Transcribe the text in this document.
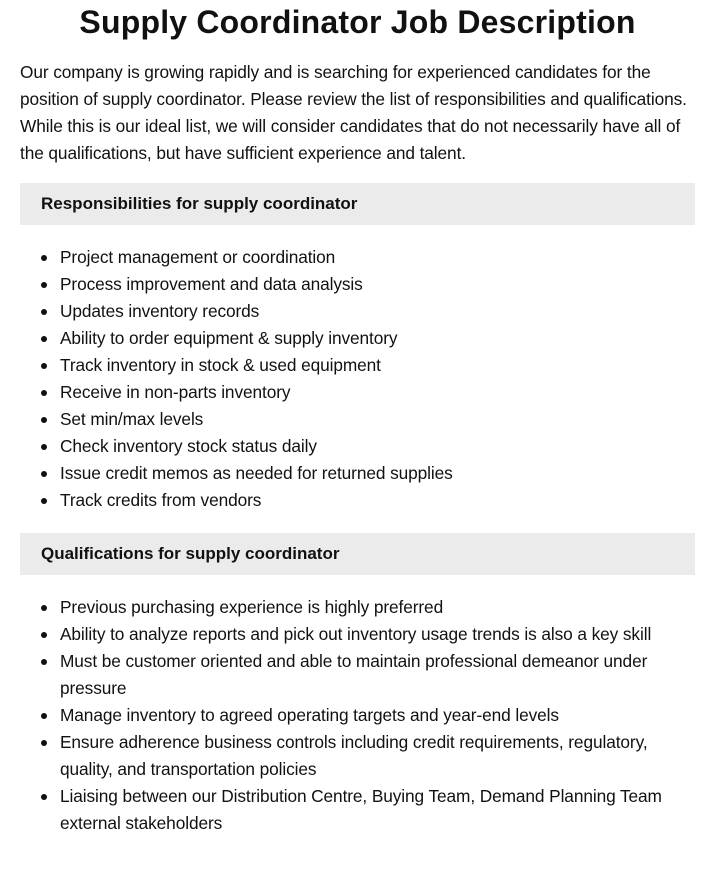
Supply Coordinator Job Description

Our company is growing rapidly and is searching for experienced candidates for the position of supply coordinator. Please review the list of responsibilities and qualifications. While this is our ideal list, we will consider candidates that do not necessarily have all of the qualifications, but have sufficient experience and talent.

Responsibilities for supply coordinator
Project management or coordination
Process improvement and data analysis
Updates inventory records
Ability to order equipment & supply inventory
Track inventory in stock & used equipment
Receive in non-parts inventory
Set min/max levels
Check inventory stock status daily
Issue credit memos as needed for returned supplies
Track credits from vendors
Qualifications for supply coordinator
Previous purchasing experience is highly preferred
Ability to analyze reports and pick out inventory usage trends is also a key skill
Must be customer oriented and able to maintain professional demeanor under pressure
Manage inventory to agreed operating targets and year-end levels
Ensure adherence business controls including credit requirements, regulatory, quality, and transportation policies
Liaising between our Distribution Centre, Buying Team, Demand Planning Team external stakeholders
